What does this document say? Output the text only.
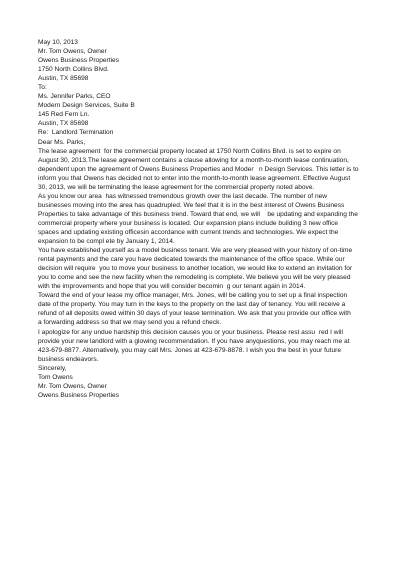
May 10, 2013
Mr. Tom Owens, Owner
Owens Business Properties
1750 North Collins Blvd.
Austin, TX 85698
To:
Ms. Jennifer Parks, CEO
Modern Design Services, Suite B
145 Red Fern Ln.
Austin, TX 85698
Re:  Landlord Termination
Dear Ms. Parks,
The lease agreement  for the commercial property located at 1750 North Collins Blvd. is set to expire on
August 30, 2013.The lease agreement contains a clause allowing for a month-to-month lease continuation,
dependent upon the agreement of Owens Business Properties and Moder   n Design Services. This letter is to
inform you that Owens has decided not to enter into the month-to-month lease agreement. Effective August
30, 2013, we will be terminating the lease agreement for the commercial property noted above.
As you know our area  has witnessed tremendous growth over the last decade. The number of new
businesses moving into the area has quadrupled. We feel that it is in the best interest of Owens Business
Properties to take advantage of this business trend. Toward that end, we will    be updating and expanding the
commercial property where your business is located. Our expansion plans include building 3 new office
spaces and updating existing officesin accordance with current trends and technologies. We expect the
expansion to be compl ete by January 1, 2014.
You have established yourself as a model business tenant. We are very pleased with your history of on-time
rental payments and the care you have dedicated towards the maintenance of the office space. While our
decision will require  you to move your business to another location, we would like to extend an invitation for
you to come and see the new facility when the remodeling is complete. We believe you will be very pleased
with the improvements and hope that you will consider becomin  g our tenant again in 2014.
Toward the end of your lease my office manager, Mrs. Jones, will be calling you to set up a final inspection
date of the property. You may turn in the keys to the property on the last day of tenancy. You will receive a
refund of all deposits owed within 30 days of your lease termination. We ask that you provide our office with
a forwarding address so that we may send you a refund check.
I apologize for any undue hardship this decision causes you or your business. Please rest assu  red I will
provide your new landlord with a glowing recommendation. If you have anyquestions, you may reach me at
423-679-8877. Alternatively, you may call Mrs. Jones at 423-679-8878. I wish you the best in your future
business endeavors.
Sincerely,
Tom Owens
Mr. Tom Owens, Owner
Owens Business Properties
